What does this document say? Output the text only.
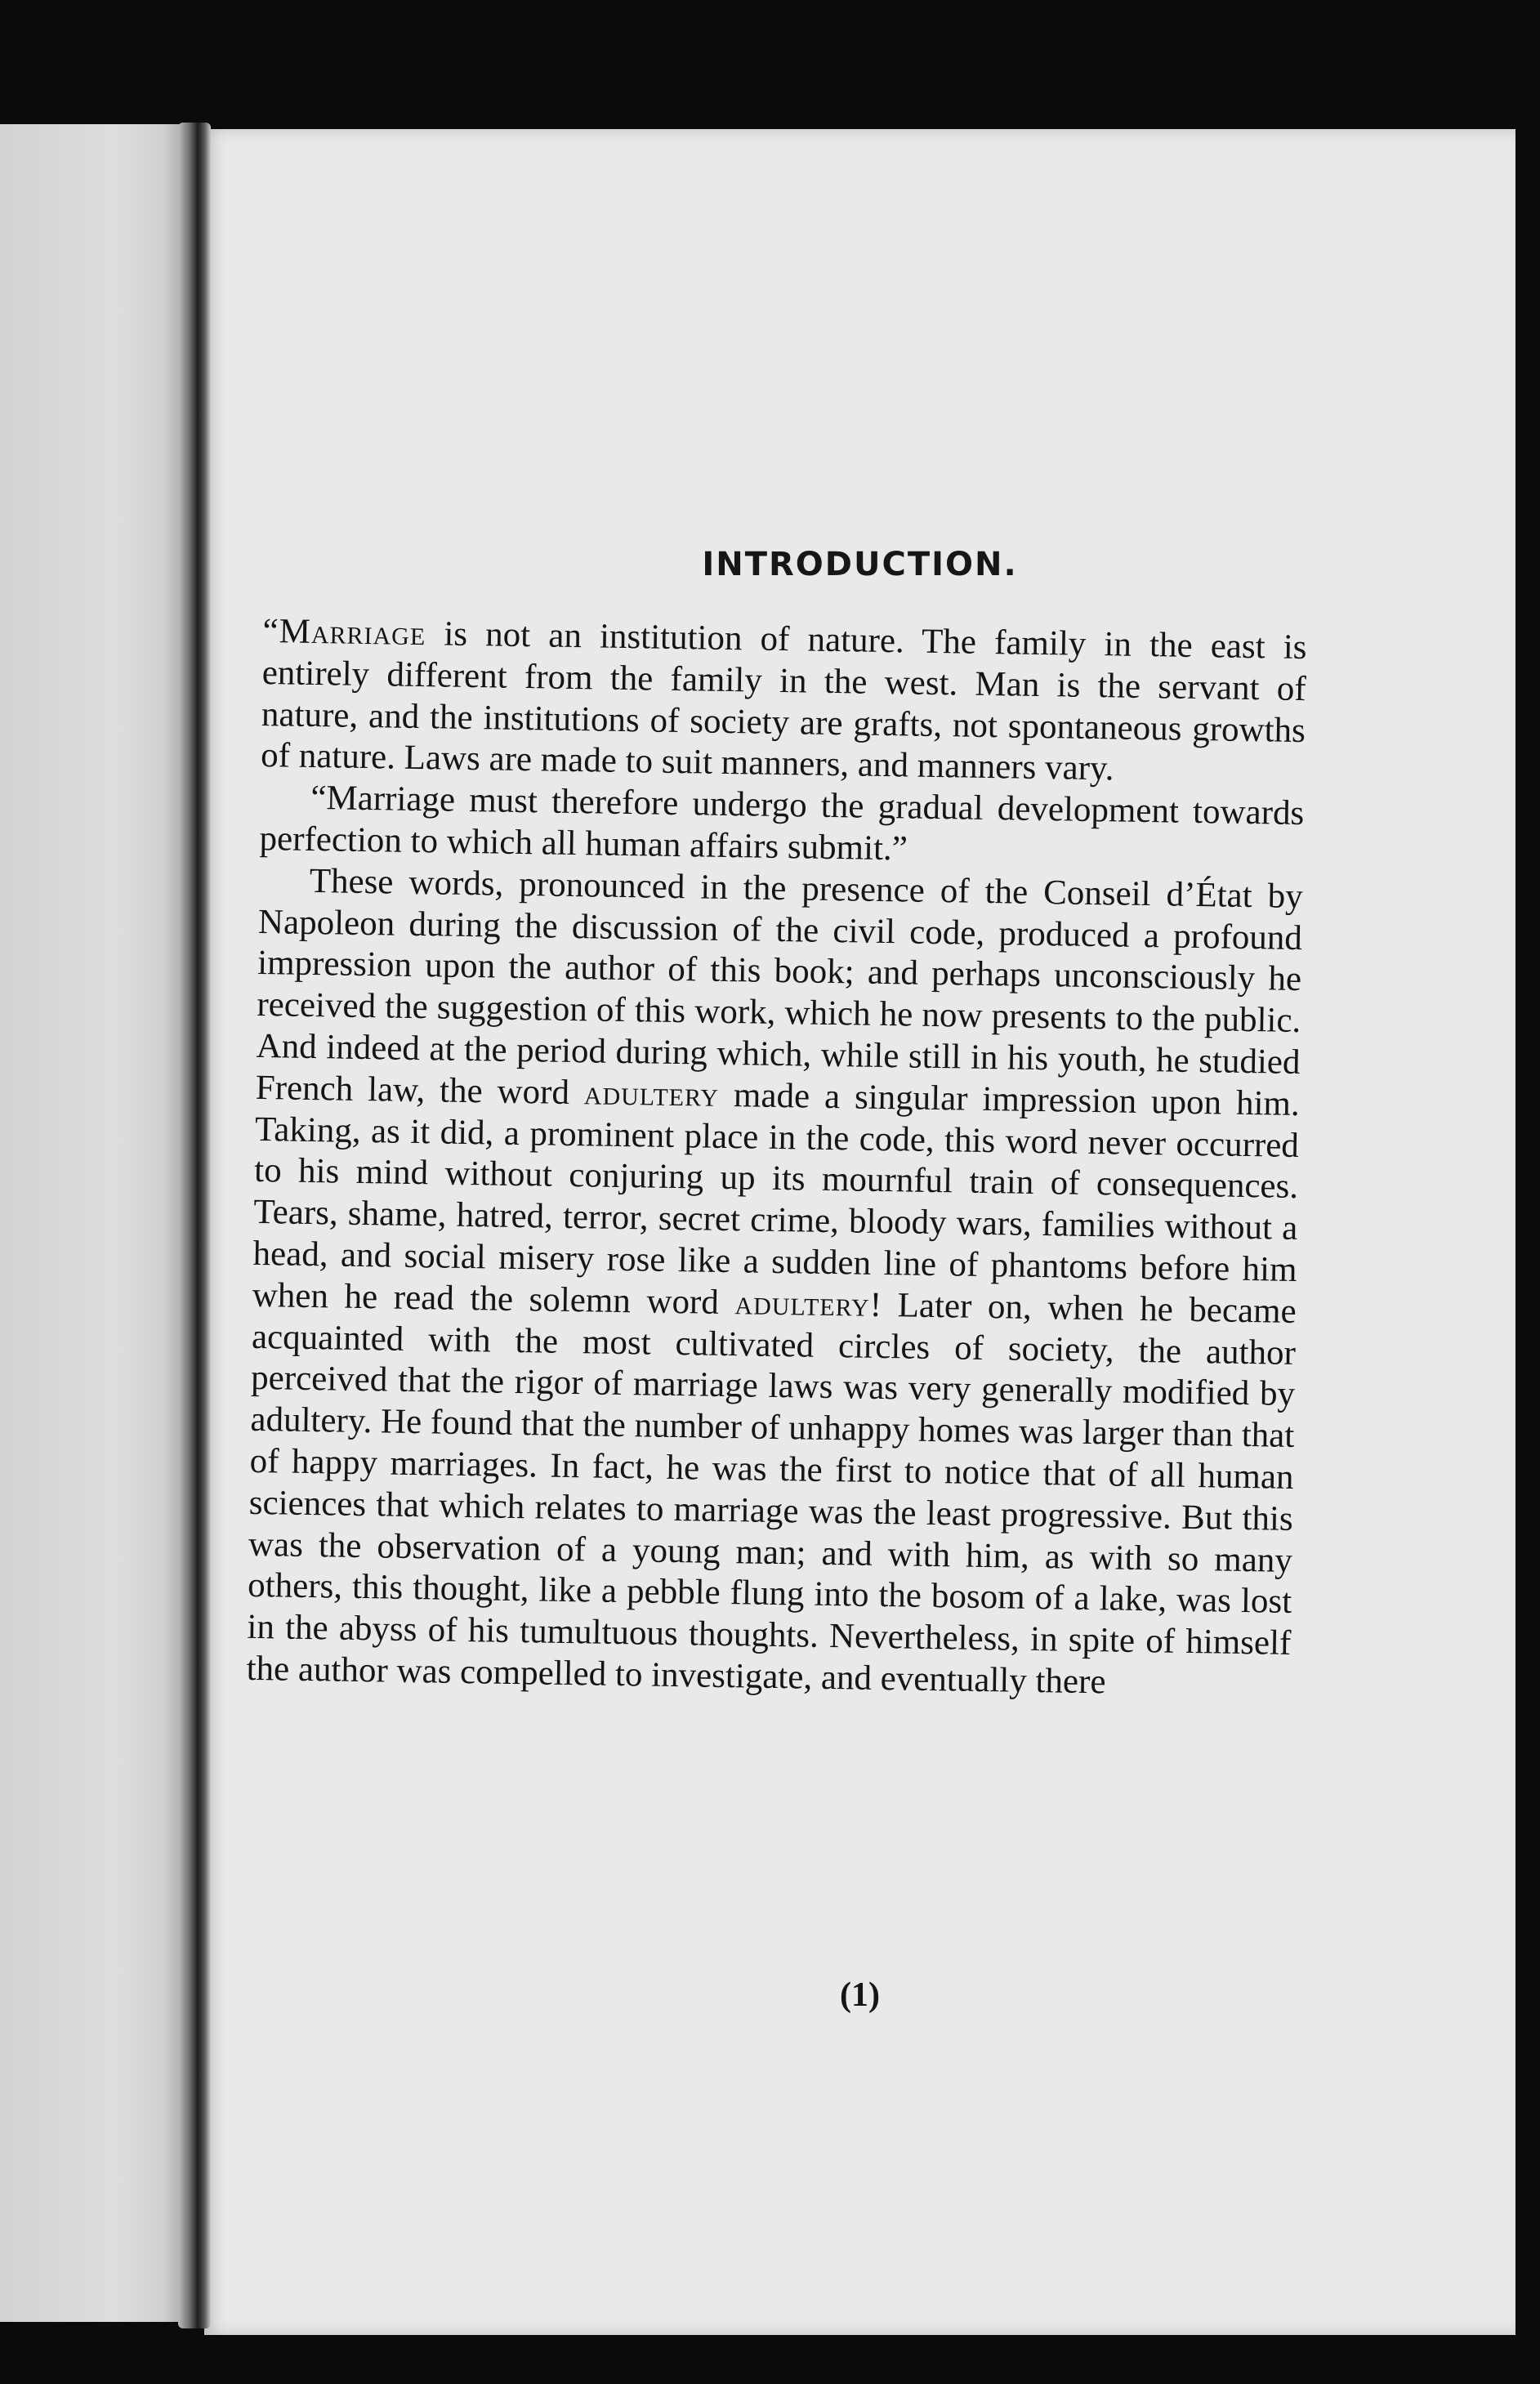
INTRODUCTION.

“Marriage is not an institution of nature. The family in the east is entirely different from the family in the west. Man is the servant of nature, and the institutions of society are grafts, not spontaneous growths of nature. Laws are made to suit manners, and manners vary.

“Marriage must therefore undergo the gradual development towards perfection to which all human affairs submit.”

These words, pronounced in the presence of the Conseil d’État by Napoleon during the discussion of the civil code, produced a profound impression upon the author of this book; and perhaps unconsciously he received the suggestion of this work, which he now presents to the public. And indeed at the period during which, while still in his youth, he studied French law, the word adultery made a singular impression upon him. Taking, as it did, a prominent place in the code, this word never occurred to his mind without conjuring up its mournful train of consequences. Tears, shame, hatred, terror, secret crime, bloody wars, families without a head, and social misery rose like a sudden line of phantoms before him when he read the solemn word adultery! Later on, when he became acquainted with the most cultivated circles of society, the author perceived that the rigor of marriage laws was very generally modified by adultery. He found that the number of unhappy homes was larger than that of happy marriages. In fact, he was the first to notice that of all human sciences that which relates to marriage was the least progressive. But this was the observation of a young man; and with him, as with so many others, this thought, like a pebble flung into the bosom of a lake, was lost in the abyss of his tumultuous thoughts. Nevertheless, in spite of himself the author was compelled to investigate, and eventually there

(1)
